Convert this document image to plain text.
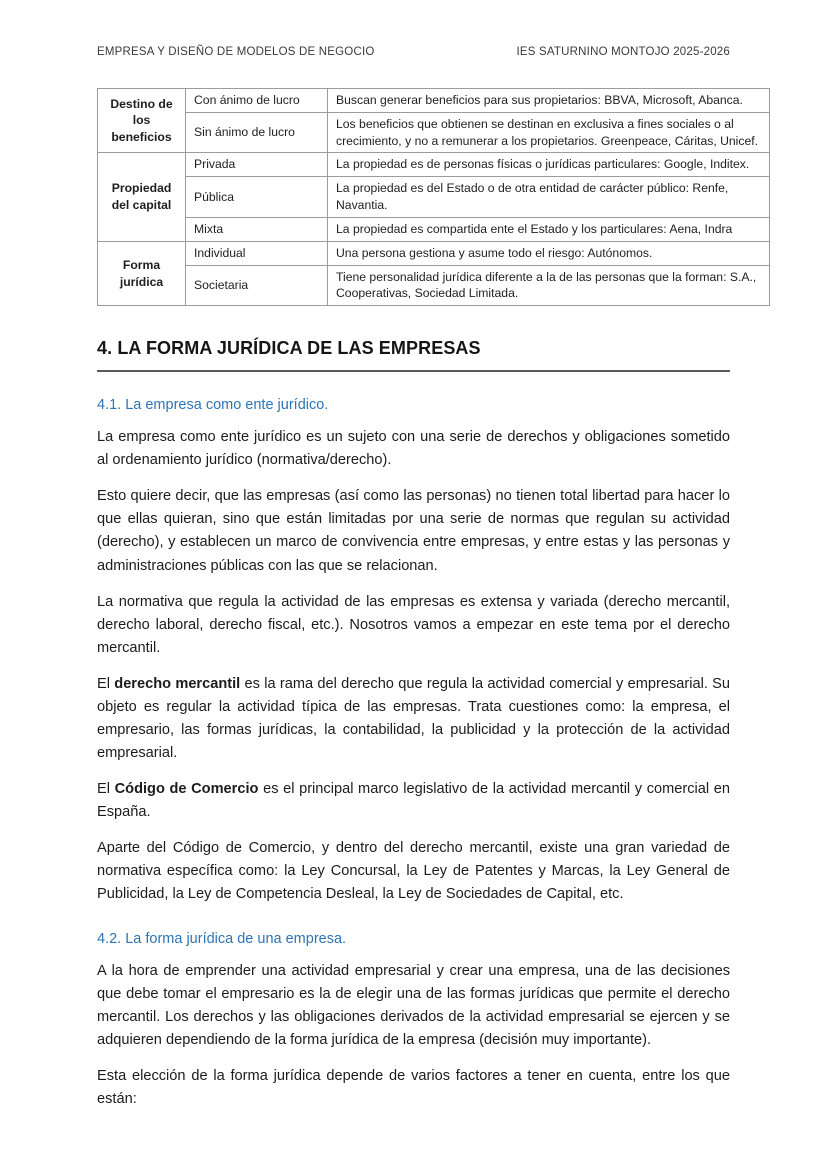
EMPRESA Y DISEÑO DE MODELOS DE NEGOCIO	IES SATURNINO MONTOJO 2025-2026
Destino de los beneficios	Con ánimo de lucro	Buscan generar beneficios para sus propietarios: BBVA, Microsoft, Abanca.
	Sin ánimo de lucro	Los beneficios que obtienen se destinan en exclusiva a fines sociales o al crecimiento, y no a remunerar a los propietarios. Greenpeace, Cáritas, Unicef.
Propiedad del capital	Privada	La propiedad es de personas físicas o jurídicas particulares: Google, Inditex.
	Pública	La propiedad es del Estado o de otra entidad de carácter público: Renfe, Navantia.
	Mixta	La propiedad es compartida ente el Estado y los particulares: Aena, Indra
Forma jurídica	Individual	Una persona gestiona y asume todo el riesgo: Autónomos.
	Societaria	Tiene personalidad jurídica diferente a la de las personas que la forman: S.A., Cooperativas, Sociedad Limitada.
4. LA FORMA JURÍDICA DE LAS EMPRESAS
4.1. La empresa como ente jurídico.

La empresa como ente jurídico es un sujeto con una serie de derechos y obligaciones sometido al ordenamiento jurídico (normativa/derecho).

Esto quiere decir, que las empresas (así como las personas) no tienen total libertad para hacer lo que ellas quieran, sino que están limitadas por una serie de normas que regulan su actividad (derecho), y establecen un marco de convivencia entre empresas, y entre estas y las personas y administraciones públicas con las que se relacionan.

La normativa que regula la actividad de las empresas es extensa y variada (derecho mercantil, derecho laboral, derecho fiscal, etc.). Nosotros vamos a empezar en este tema por el derecho mercantil.

El derecho mercantil es la rama del derecho que regula la actividad comercial y empresarial. Su objeto es regular la actividad típica de las empresas. Trata cuestiones como: la empresa, el empresario, las formas jurídicas, la contabilidad, la publicidad y la protección de la actividad empresarial.

El Código de Comercio es el principal marco legislativo de la actividad mercantil y comercial en España.

Aparte del Código de Comercio, y dentro del derecho mercantil, existe una gran variedad de normativa específica como: la Ley Concursal, la Ley de Patentes y Marcas, la Ley General de Publicidad, la Ley de Competencia Desleal, la Ley de Sociedades de Capital, etc.

4.2. La forma jurídica de una empresa.

A la hora de emprender una actividad empresarial y crear una empresa, una de las decisiones que debe tomar el empresario es la de elegir una de las formas jurídicas que permite el derecho mercantil. Los derechos y las obligaciones derivados de la actividad empresarial se ejercen y se adquieren dependiendo de la forma jurídica de la empresa (decisión muy importante).

Esta elección de la forma jurídica depende de varios factores a tener en cuenta, entre los que están:
